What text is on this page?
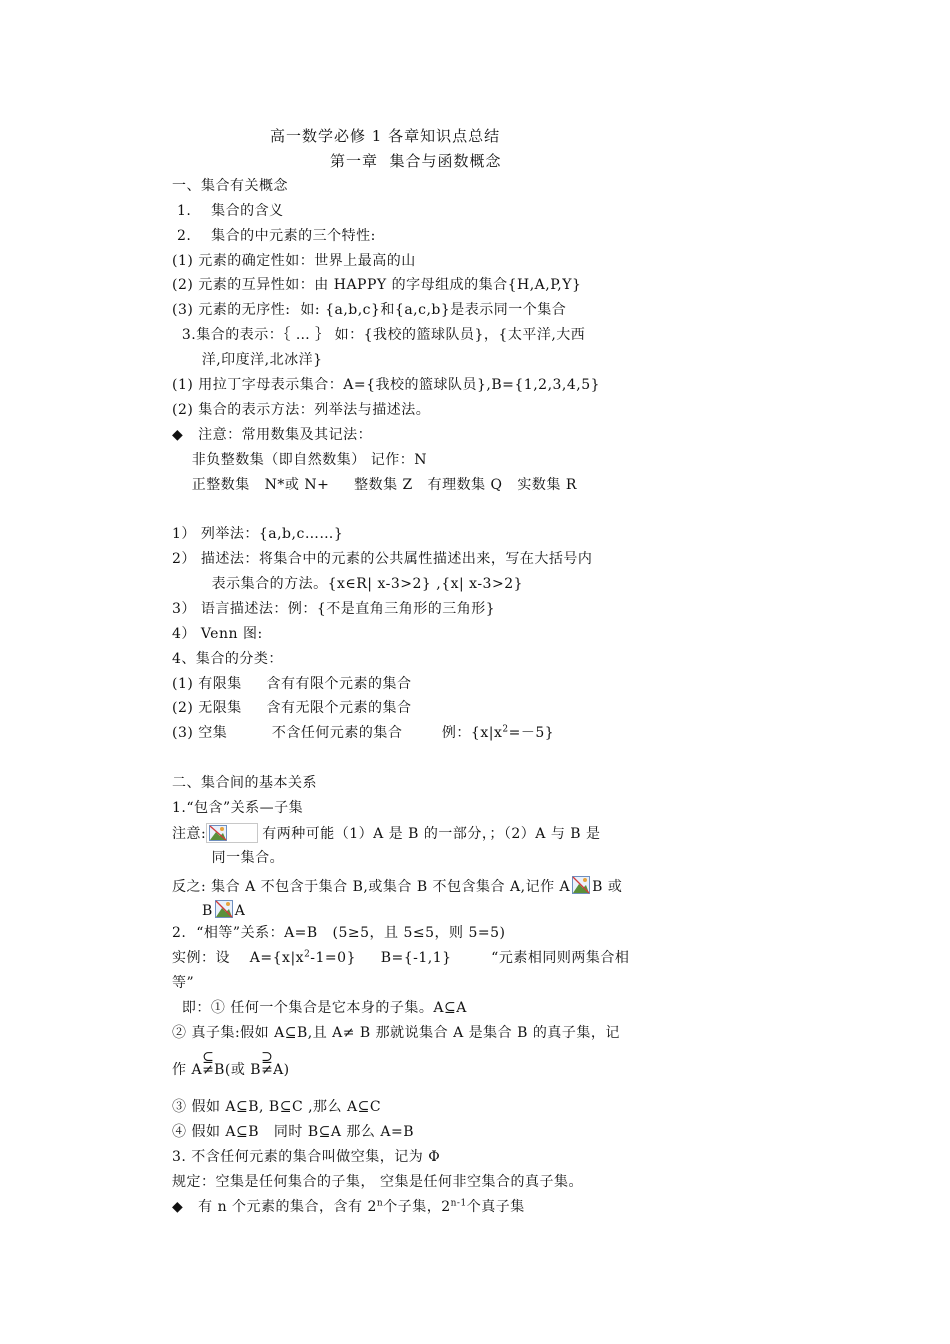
高一数学必修 1 各章知识点总结
第一章  集合与函数概念
一、集合有关概念
1.    集合的含义
2.    集合的中元素的三个特性:
(1) 元素的确定性如：世界上最高的山
(2) 元素的互异性如：由 HAPPY 的字母组成的集合{H,A,P,Y}
(3) 元素的无序性:  如: {a,b,c}和{a,c,b}是表示同一个集合
3.集合的表示：｛ … ｝ 如：{我校的篮球队员}，{太平洋,大西
洋,印度洋,北冰洋}
(1) 用拉丁字母表示集合：A={我校的篮球队员},B={1,2,3,4,5}
(2) 集合的表示方法：列举法与描述法。
◆   注意：常用数集及其记法：
非负整数集（即自然数集） 记作：N
正整数集   N*或 N+     整数集 Z   有理数集 Q   实数集 R
1） 列举法：{a,b,c……}
2） 描述法：将集合中的元素的公共属性描述出来，写在大括号内
表示集合的方法。{x∈R| x-3>2} ,{x| x-3>2}
3） 语言描述法：例：{不是直角三角形的三角形}
4） Venn 图:
4、集合的分类：
(1) 有限集     含有有限个元素的集合
(2) 无限集     含有无限个元素的集合
(3) 空集         不含任何元素的集合        例：$\{x|x^2=-5\}$
二、集合间的基本关系
1.“包含”关系—子集
注意:	有两种可能（1）A 是 B 的一部分，；（2）A 与 B 是
同一集合。
反之: 集合 A 不包含于集合 B,或集合 B 不包含集合 A,记作 A B 或
B A
2.  “相等”关系：A=B   (5≥5，且 5≤5，则 5=5)
实例：设    $A=\{x|x^2-1=0\}$     B={-1,1}        “元素相同则两集合相
等”
即：① 任何一个集合是它本身的子集。A⊆A
② 真子集:假如 A⊆B,且 A≠ B 那就说集合 A 是集合 B 的真子集，记
作 A
⊆
≠ B(或 B
⊇
≠ A)
③ 假如 A⊆B, B⊆C ,那么 A⊆C
④ 假如 A⊆B   同时 B⊆A 那么 A=B
3. 不含任何元素的集合叫做空集，记为 Φ
规定：空集是任何集合的子集， 空集是任何非空集合的真子集。
◆   有 n 个元素的集合，含有 2$^n$个子集，2$^{n-1}$个真子集
